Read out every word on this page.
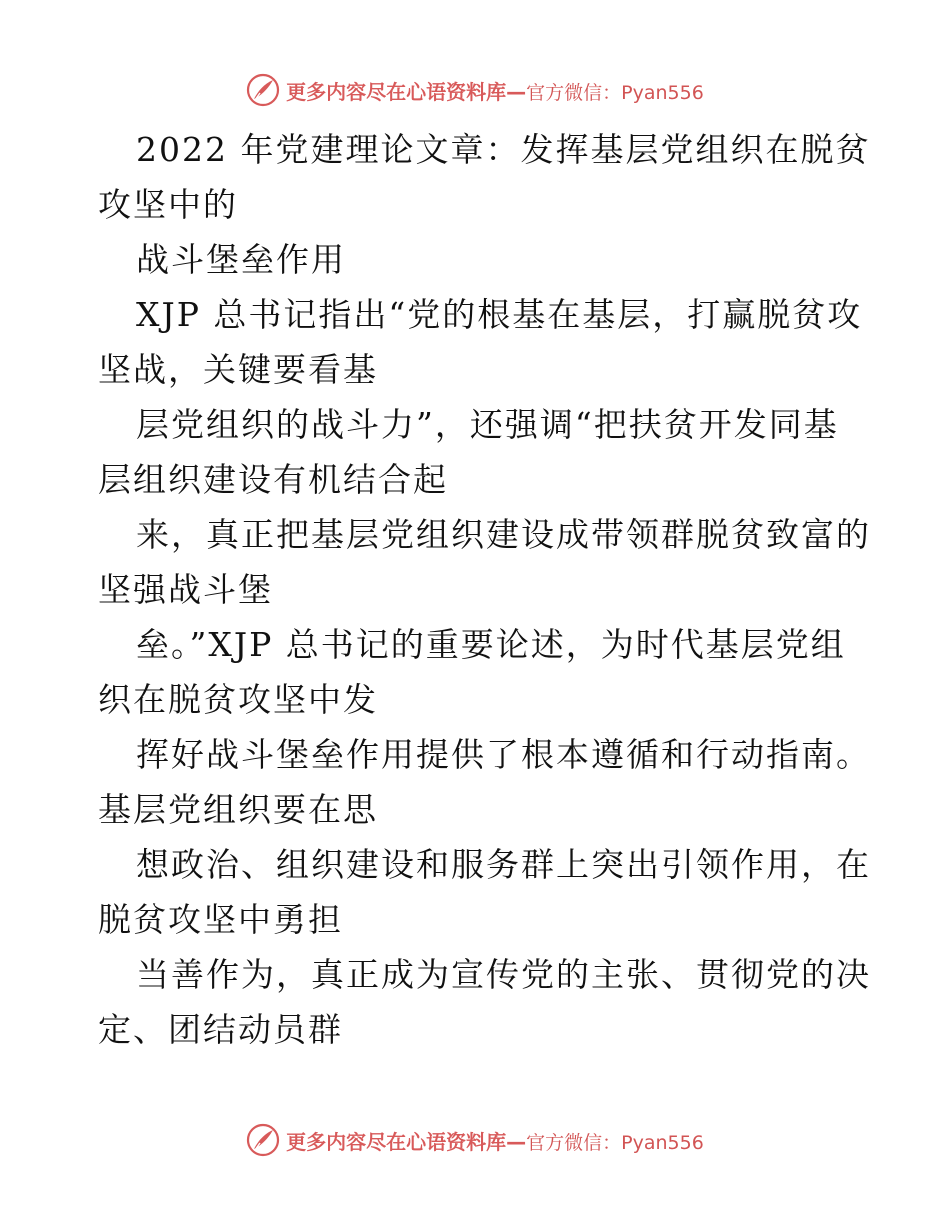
更多内容尽在心语资料库—官方微信：Pyan556
2022 年党建理论文章：发挥基层党组织在脱贫
攻坚中的
战斗堡垒作用
XJP 总书记指出“党的根基在基层，打赢脱贫攻
坚战，关键要看基
层党组织的战斗力”，还强调“把扶贫开发同基
层组织建设有机结合起
来，真正把基层党组织建设成带领群脱贫致富的
坚强战斗堡
垒。”XJP 总书记的重要论述，为时代基层党组
织在脱贫攻坚中发
挥好战斗堡垒作用提供了根本遵循和行动指南。
基层党组织要在思
想政治、组织建设和服务群上突出引领作用，在
脱贫攻坚中勇担
当善作为，真正成为宣传党的主张、贯彻党的决
定、团结动员群
更多内容尽在心语资料库—官方微信：Pyan556
